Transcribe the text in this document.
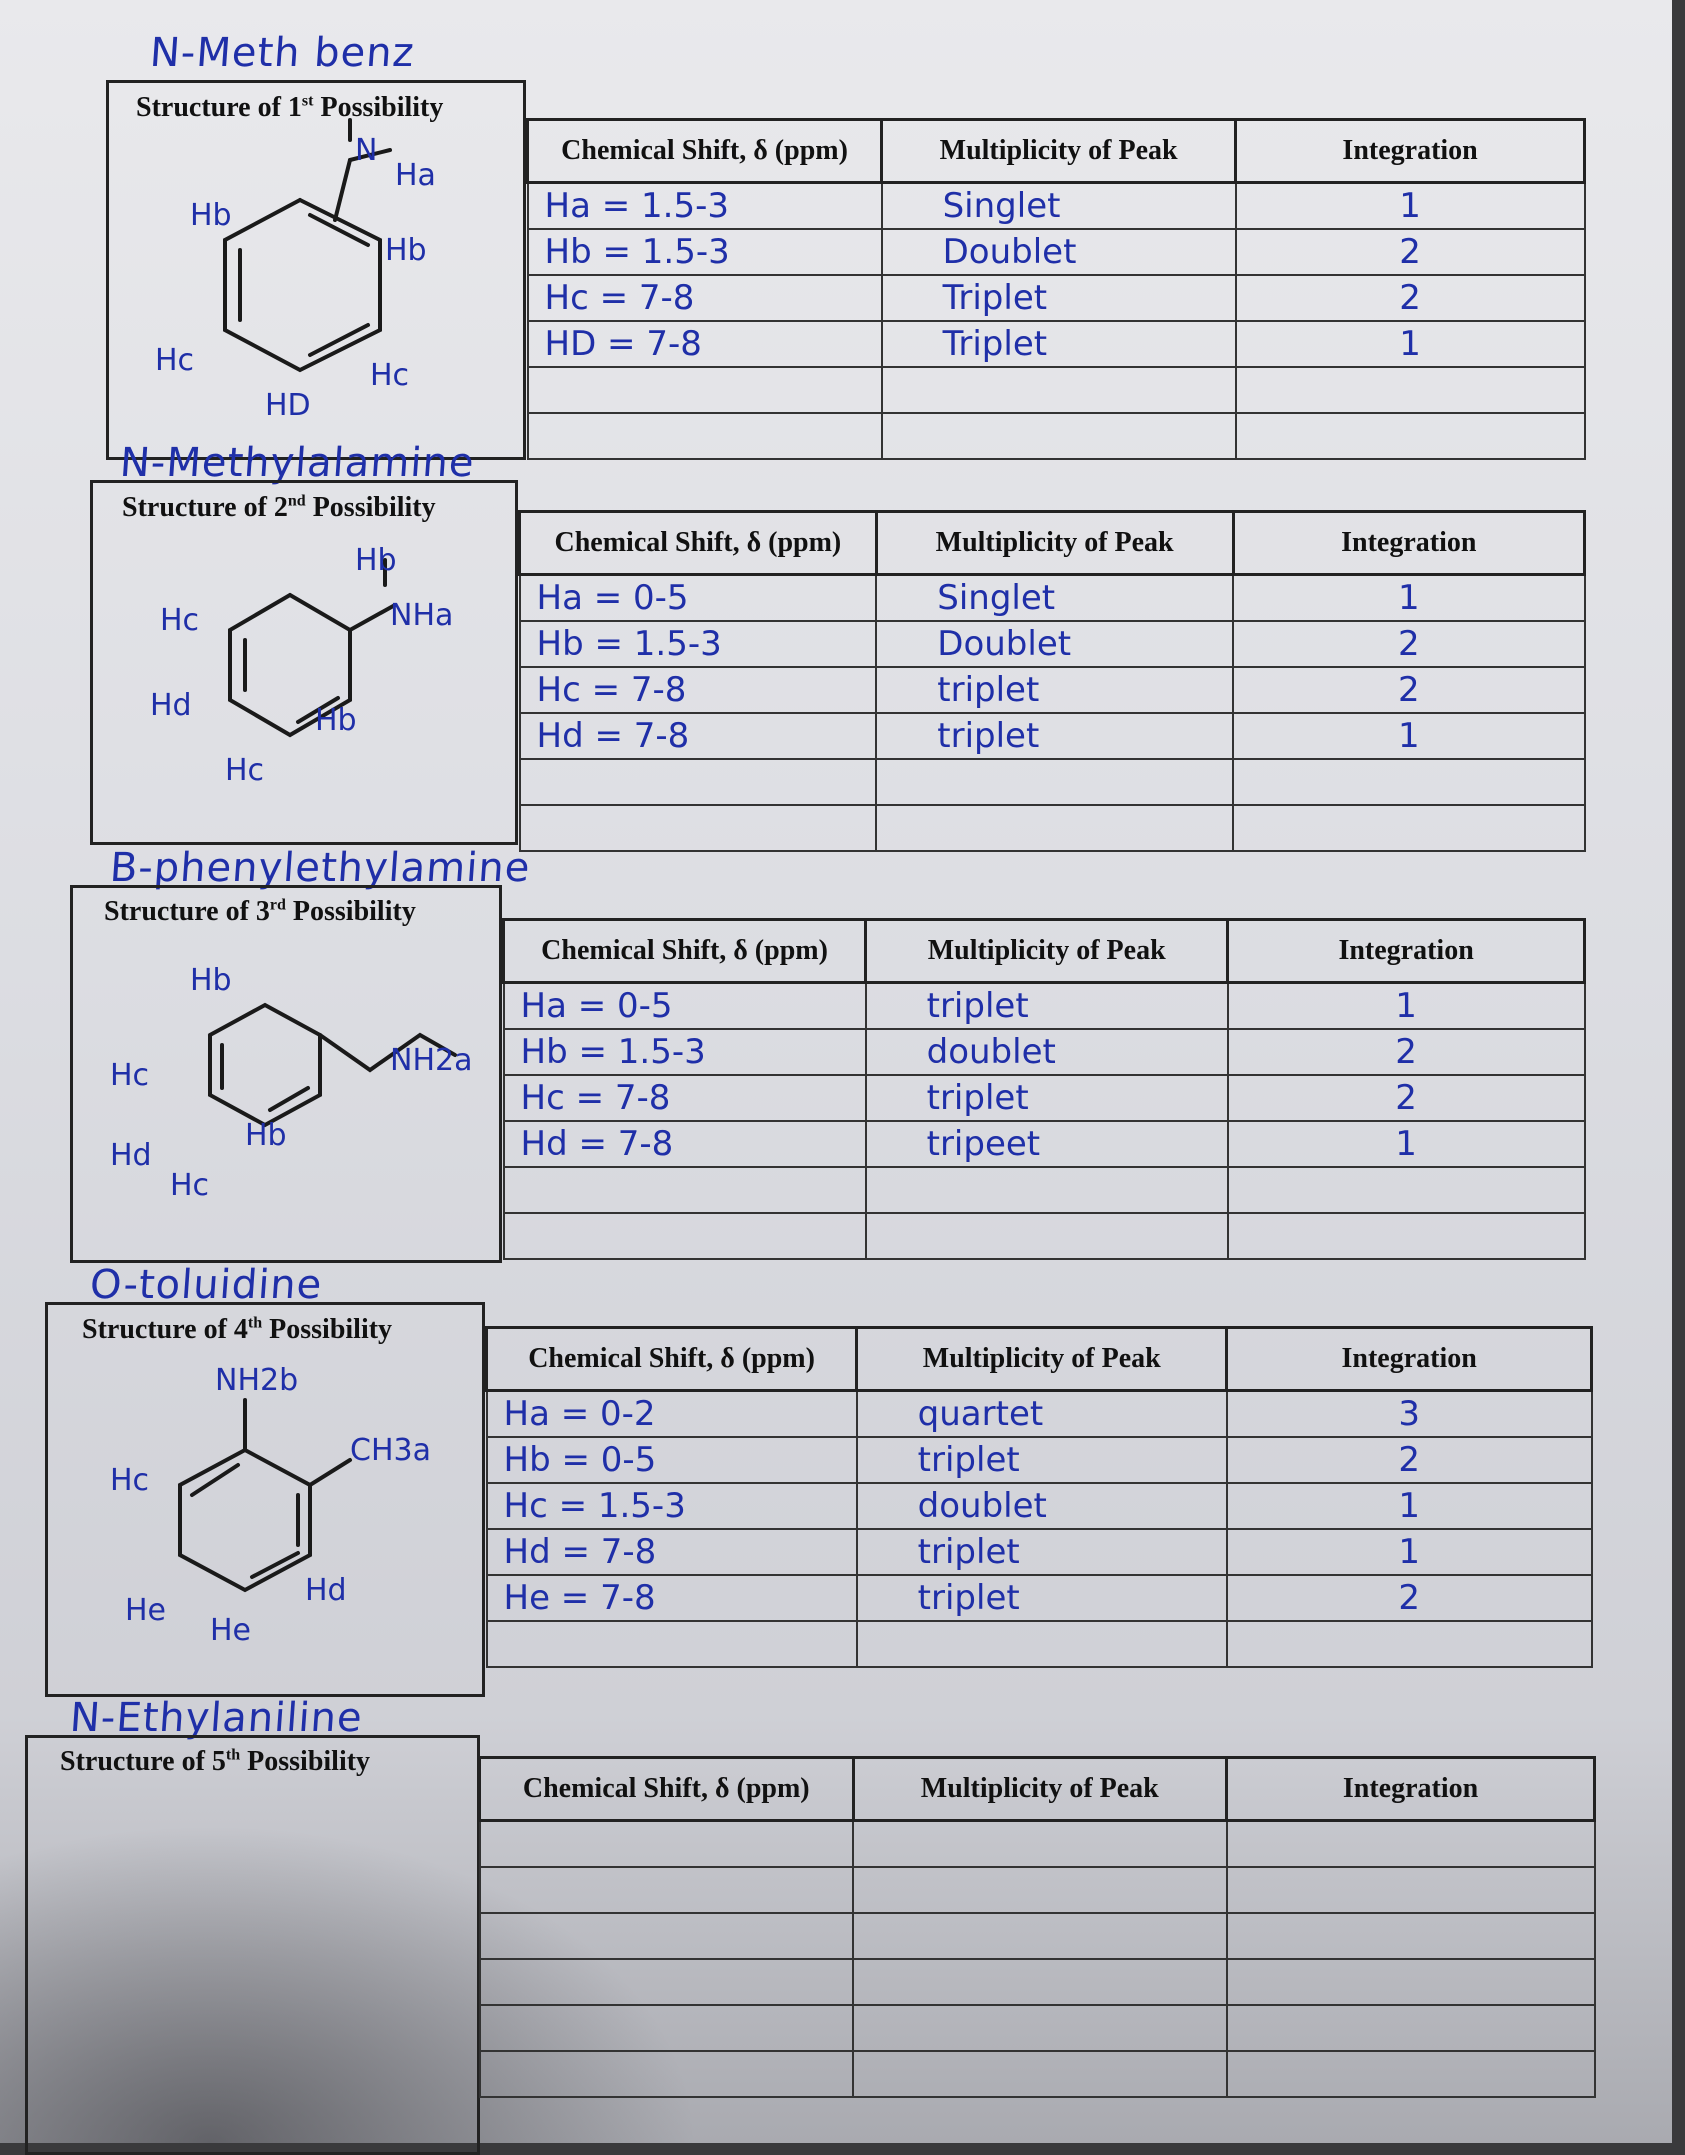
N-Meth benz
Structure of 1st Possibility
N
Ha
Hb
Hb
Hc	Hc
HD
Chemical Shift, δ (ppm)	Multiplicity of Peak	Integration
Ha = 1.5-3	Singlet	1
Hb = 1.5-3	Doublet	2
Hc = 7-8	Triplet	2
HD = 7-8	Triplet	1

N-Methylalamine
Structure of 2nd Possibility
Hb
NHa
Hc
Hb
Hd
Hc
Chemical Shift, δ (ppm)	Multiplicity of Peak	Integration
Ha = 0-5	Singlet	1
Hb = 1.5-3	Doublet	2
Hc = 7-8	triplet	2
Hd = 7-8	triplet	1

B-phenylethylamine
Structure of 3rd Possibility
Hb
NH2a
Hc
Hb
Hd
Hc
Chemical Shift, δ (ppm)	Multiplicity of Peak	Integration
Ha = 0-5	triplet	1
Hb = 1.5-3	doublet	2
Hc = 7-8	triplet	2
Hd = 7-8	tripeet	1

O-toluidine
Structure of 4th Possibility
NH2b
CH3a
Hc
Hd
He
He
Chemical Shift, δ (ppm)	Multiplicity of Peak	Integration
Ha = 0-2	quartet	3
Hb = 0-5	triplet	2
Hc = 1.5-3	doublet	1
Hd = 7-8	triplet	1
He = 7-8	triplet	2

N-Ethylaniline
Structure of 5th Possibility
Chemical Shift, δ (ppm)	Multiplicity of Peak	Integration
